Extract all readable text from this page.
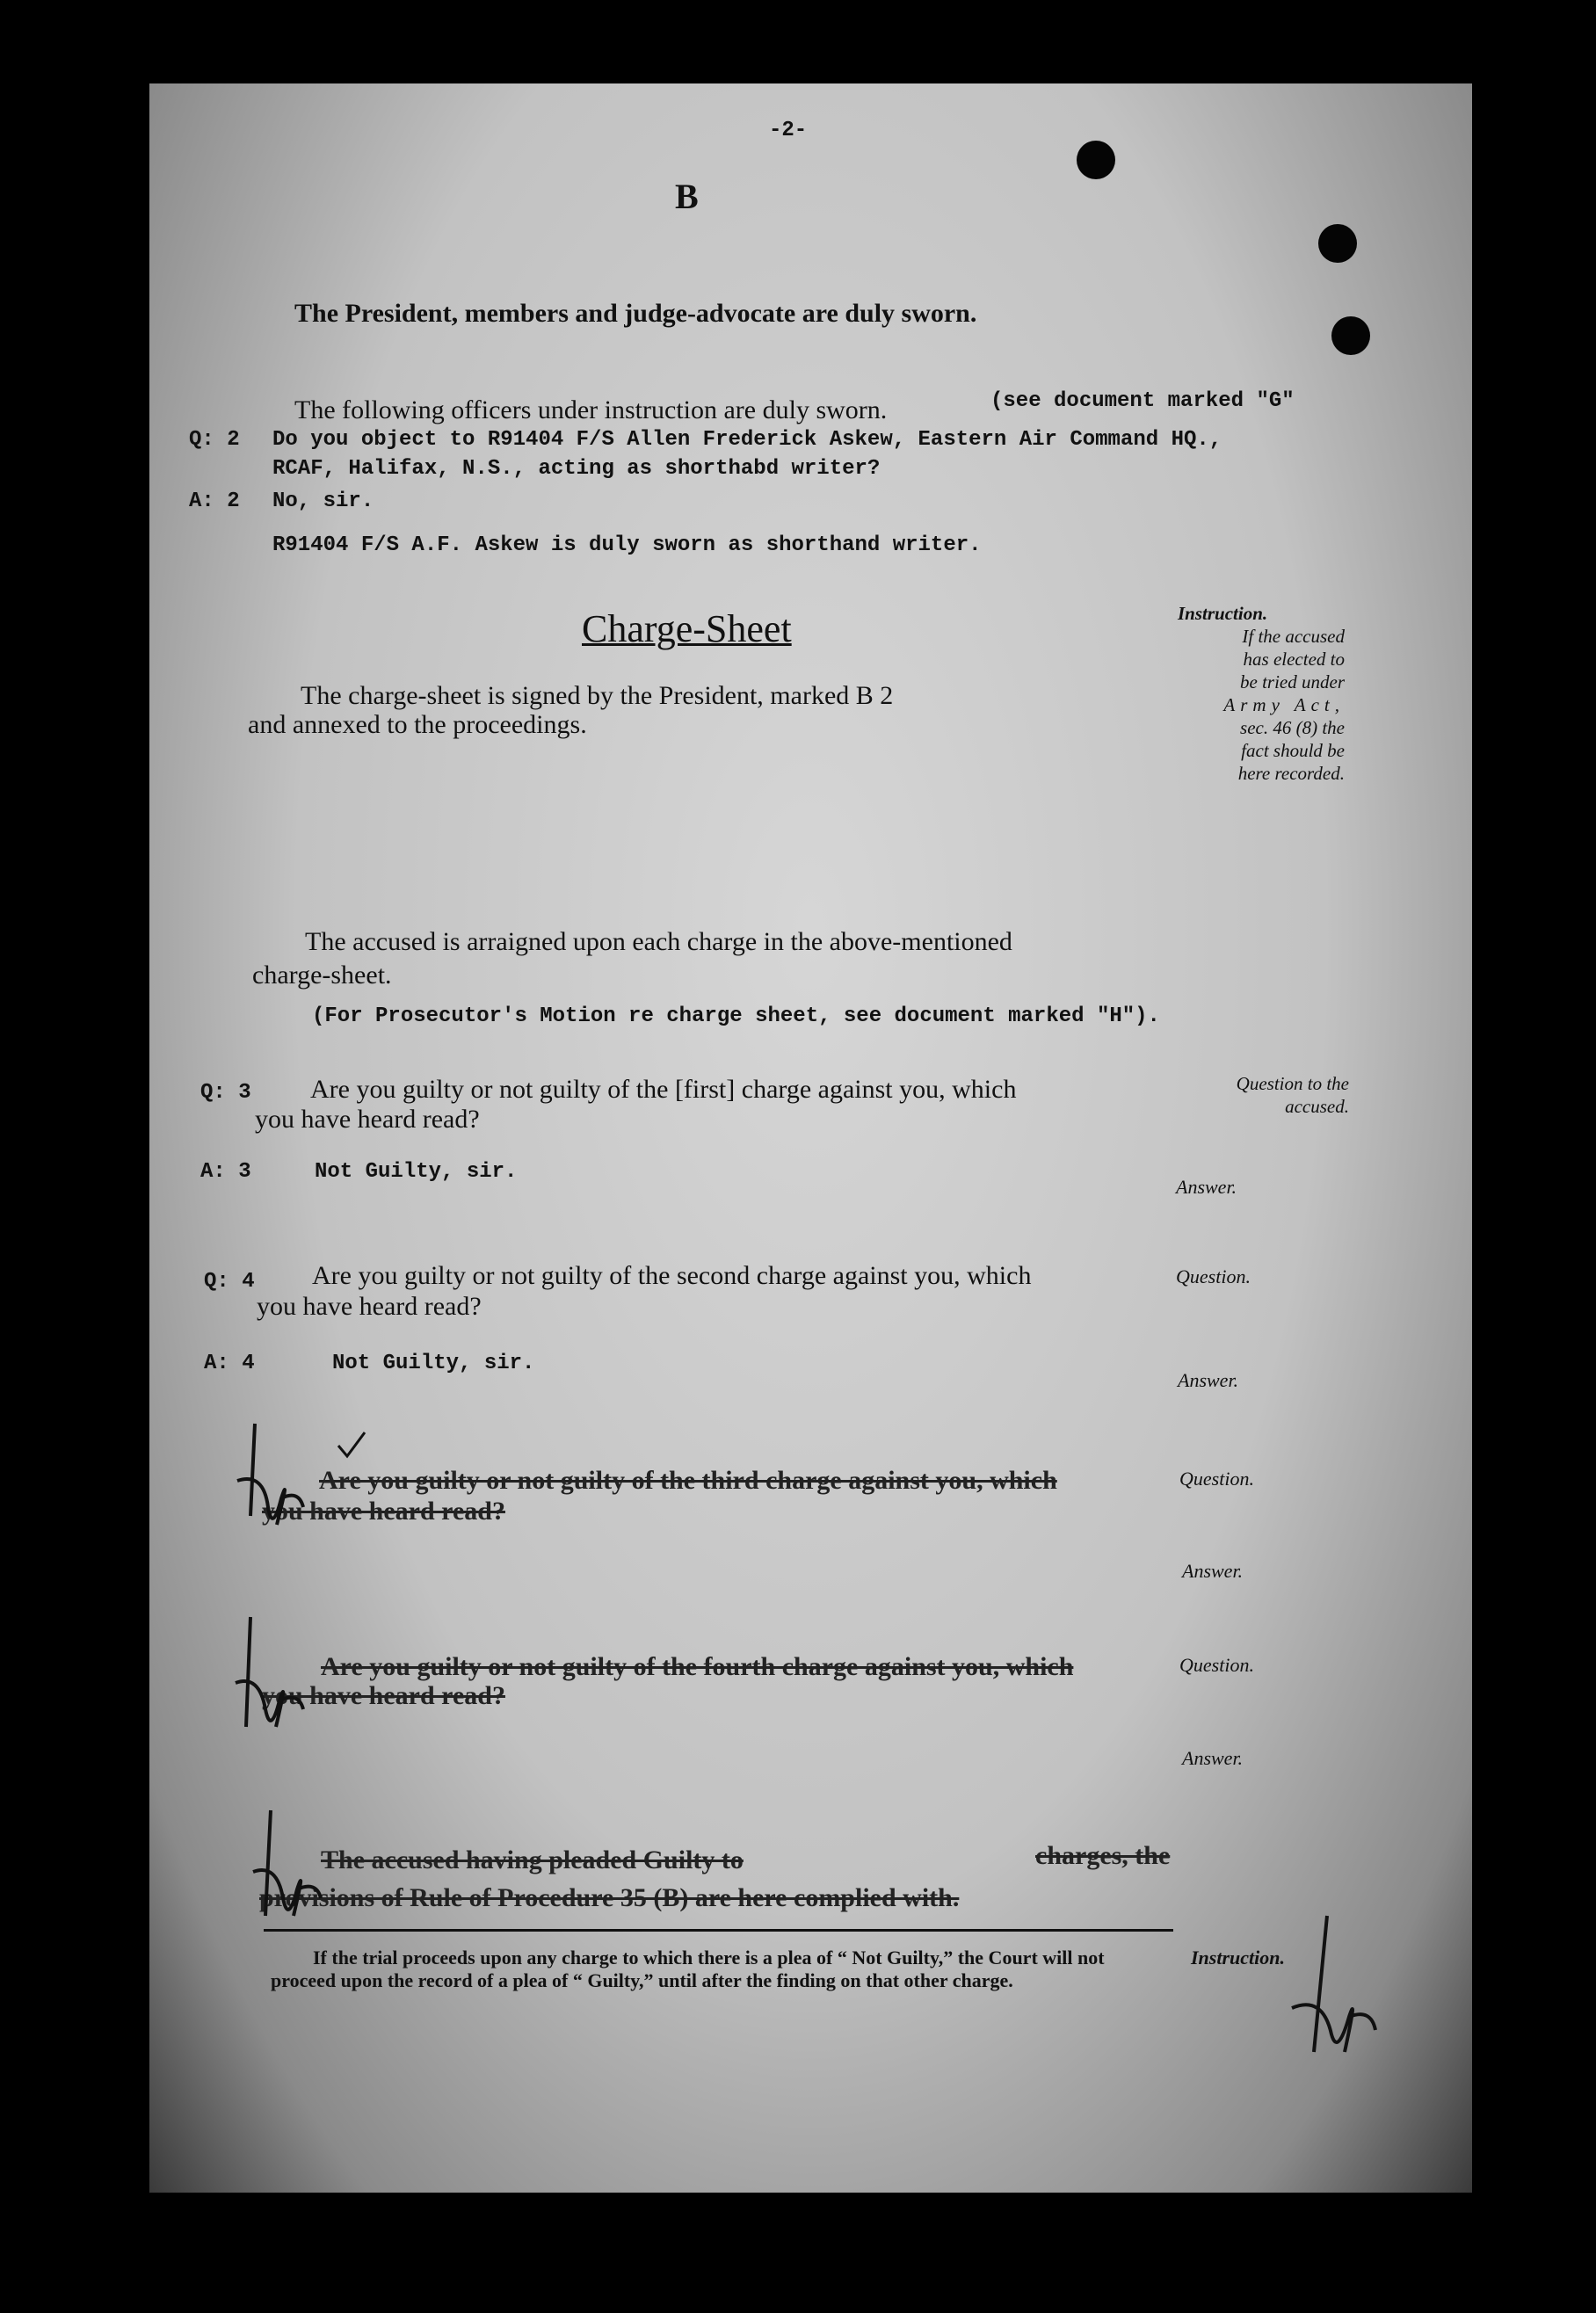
-2-
B
The President, members and judge-advocate are duly sworn.
The following officers under instruction are duly sworn.	(see document marked "G"
Q: 2 Do you object to R91404 F/S Allen Frederick Askew, Eastern Air Command HQ.,
RCAF, Halifax, N.S., acting as shorthabd writer?
A: 2 No, sir.
R91404 F/S A.F. Askew is duly sworn as shorthand writer.
Charge-Sheet
The charge-sheet is signed by the President, marked B 2
and annexed to the proceedings.
Instruction.
If the accused
has elected to
be tried under
Army Act,
sec. 46 (8) the
fact should be
here recorded.
The accused is arraigned upon each charge in the above-mentioned
charge-sheet.
(For Prosecutor's Motion re charge sheet, see document marked "H").
Q: 3 Are you guilty or not guilty of the [first] charge against you, which
you have heard read?
Question to the accused.
A: 3	Not Guilty, sir.
Answer.
Q: 4 Are you guilty or not guilty of the second charge against you, which
you have heard read?
Question.
A: 4	Not Guilty, sir.
Answer.
Are you guilty or not guilty of the third charge against you, which
you have heard read?
Question.
Answer.
Are you guilty or not guilty of the fourth charge against you, which
you have heard read?
Question.
Answer.
The accused having pleaded Guilty to	charges, the
provisions of Rule of Procedure 35 (B) are here complied with.
If the trial proceeds upon any charge to which there is a plea of “ Not Guilty,” the Court will not proceed upon the record of a plea of “ Guilty,” until after the finding on that other charge.
Instruction.
